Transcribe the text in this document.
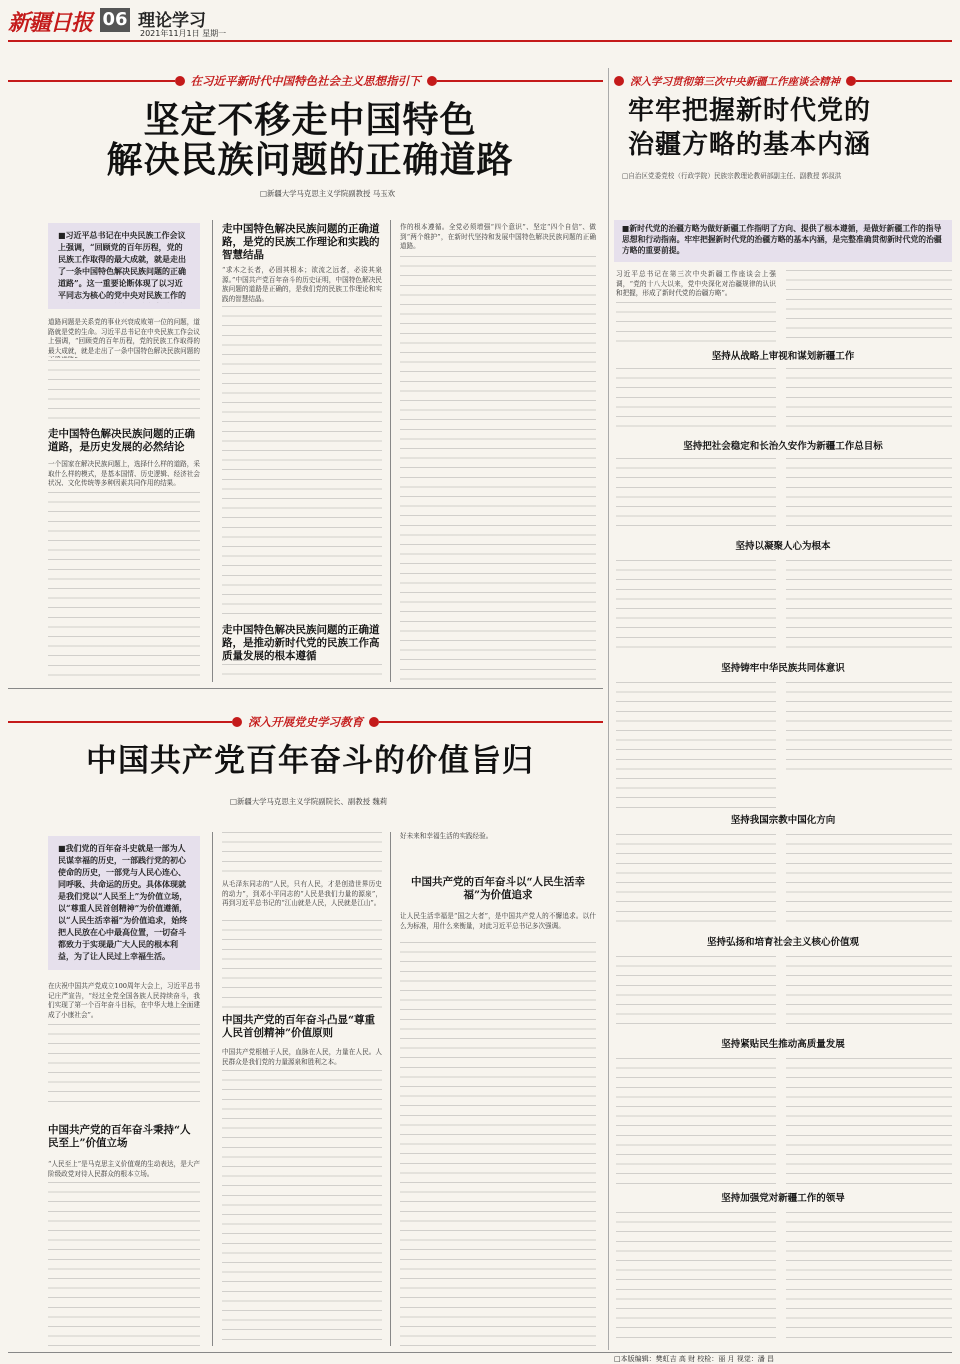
新疆日报 06 理论学习
2021年11月1日 星期一
在习近平新时代中国特色社会主义思想指引下
坚定不移走中国特色
解决民族问题的正确道路
□新疆大学马克思主义学院副教授 马玉欢
■习近平总书记在中央民族工作会议上强调，“回顾党的百年历程，党的民族工作取得的最大成就，就是走出了一条中国特色解决民族问题的正确道路”。这一重要论断体现了以习近平同志为核心的党中央对民族工作的
道路问题是关系党的事业兴衰成败第一位的问题，道路就是党的生命。习近平总书记在中央民族工作会议上强调，“回顾党的百年历程，党的民族工作取得的最大成就，就是走出了一条中国特色解决民族问题的
走中国特色解决民族问题的正确道路，是历史发展的必然结论
一个国家在解决民族问题上，选择什么样的道路，采取什么样的模式，是基本国情、历史逻辑、经济社会状况、文化传统等多种因素共同作用的结果。
走中国特色解决民族问题的正确道路，是党的民族工作理论和实践的智慧结晶
“求木之长者，必固其根本；欲流之远者，必浚其泉源。”中国共产党百年奋斗的历史证明，中国特色解决民族问题的道路是正确的，是我们党的民族工作理论和实践的智慧结晶。
走中国特色解决民族问题的正确道路，是推动新时代党的民族工作高质量发展的根本遵循
作的根本遵循。全党必须增强“四个意识”、坚定“四个自信”、做到“两个维护”，在新时代坚持和发展中国特色解决民族问题的正确道路。
深入开展党史学习教育
中国共产党百年奋斗的价值旨归
□新疆大学马克思主义学院副院长、副教授 魏莉
■我们党的百年奋斗史就是一部为人民谋幸福的历史，一部践行党的初心使命的历史，一部党与人民心连心、同呼吸、共命运的历史。具体体现就是我们党以“人民至上”为价值立场，以“尊重人民首创精神”为价值遵循，以“人民生活幸福”为价值追求，始终把人民放在心中最高位置，一切奋斗都致力于实现最广大人民的根本利益，为了让人民过上幸福生活。
在庆祝中国共产党成立100周年大会上，习近平总书记庄严宣告，“经过全党全国各族人民持续奋斗，我们实现了第一个百年奋斗目标，在中华大地上全面建成了小康社会”。
中国共产党的百年奋斗秉持“人民至上”价值立场
“人民至上”是马克思主义价值观的生动表达，是大产阶级政党对待人民群众的根本立场。
从毛泽东同志的“人民，只有人民，才是创造世界历史的动力”，到邓小平同志的“人民是我们力量的源泉”，再到习近平总书记的“江山就是人民，人民就是江山”。
中国共产党的百年奋斗凸显“尊重人民首创精神”价值原则
中国共产党根植于人民，血脉在人民，力量在人民。人民群众是我们党的力量源泉和胜利之本。
好未来和幸福生活的实践经验。
中国共产党的百年奋斗以“人民生活幸福”为价值追求
让人民生活幸福是“国之大者”，是中国共产党人的不懈追求。以什么为标准，用什么来衡量，对此习近平总书记多次强调。
深入学习贯彻第三次中央新疆工作座谈会精神
牢牢把握新时代党的
治疆方略的基本内涵
□自治区党委党校（行政学院）民族宗教理论教研部副主任、副教授 郭叔洪
■新时代党的治疆方略为做好新疆工作指明了方向、提供了根本遵循，是做好新疆工作的指导思想和行动指南。牢牢把握新时代党的治疆方略的基本内涵，是完整准确贯彻新时代党的治疆方略的重要前提。
习近平总书记在第三次中央新疆工作座谈会上强调，“党的十八大以来，党中央深化对治疆规律的认识和把握，形成了新时代党的治疆方略”。
坚持从战略上审视和谋划新疆工作
坚持把社会稳定和长治久安作为新疆工作总目标
坚持以凝聚人心为根本
坚持铸牢中华民族共同体意识
坚持我国宗教中国化方向
坚持弘扬和培育社会主义核心价值观
坚持紧贴民生推动高质量发展
坚持加强党对新疆工作的领导
□本版编辑：樊虹吉 高 财 校检：丽 月 视觉：潘 昌
